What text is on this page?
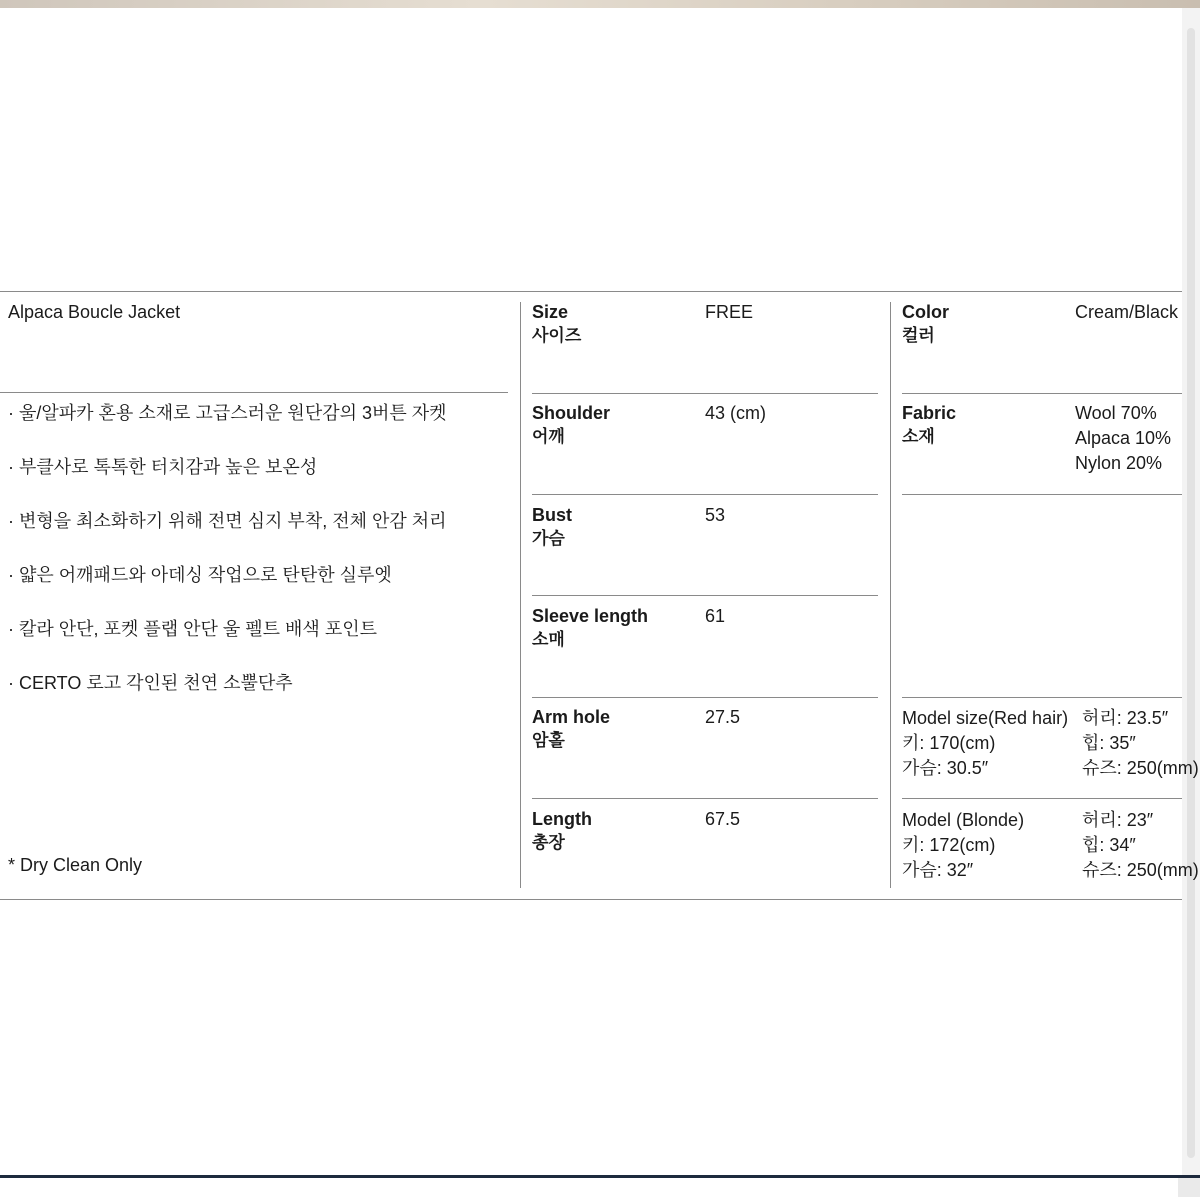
Alpaca Boucle Jacket
· 울/알파카 혼용 소재로 고급스러운 원단감의 3버튼 자켓
· 부클사로 톡톡한 터치감과 높은 보온성
· 변형을 최소화하기 위해 전면 심지 부착, 전체 안감 처리
· 얇은 어깨패드와 아데싱 작업으로 탄탄한 실루엣
· 칼라 안단, 포켓 플랩 안단 울 펠트 배색 포인트
· CERTO 로고 각인된 천연 소뿔단추
* Dry Clean Only
Size
사이즈
FREE
Shoulder
어깨
43 (cm)
Bust
가슴
53
Sleeve length
소매
61
Arm hole
암홀
27.5
Length
총장
67.5
Color
컬러
Cream/Black
Fabric
소재
Wool 70%
Alpaca 10%
Nylon 20%
Model size(Red hair)
키: 170(cm)
가슴: 30.5″
허리: 23.5″
힙: 35″
슈즈: 250(mm)
Model (Blonde)
키: 172(cm)
가슴: 32″
허리: 23″
힙: 34″
슈즈: 250(mm)
